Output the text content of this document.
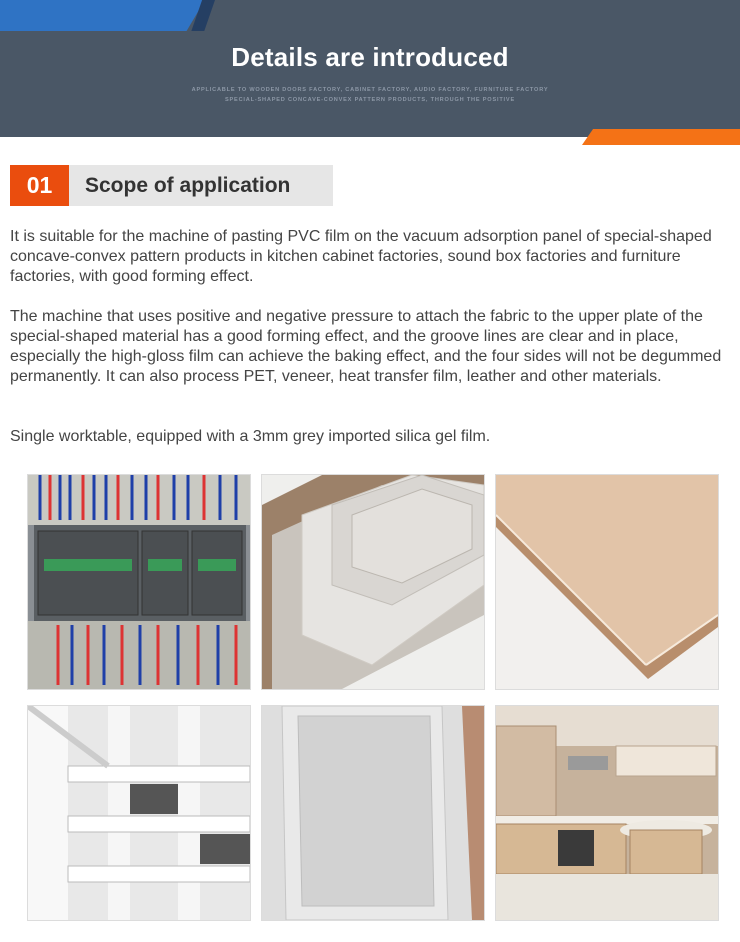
Details are introduced
APPLICABLE TO WOODEN DOORS FACTORY, CABINET FACTORY, AUDIO FACTORY, FURNITURE FACTORY
SPECIAL-SHAPED CONCAVE-CONVEX PATTERN PRODUCTS, THROUGH THE POSITIVE
01	Scope of application

It is suitable for the machine of pasting PVC film on the vacuum adsorption panel of special-shaped concave-convex pattern products in kitchen cabinet factories, sound box factories and furniture factories, with good forming effect.

The machine that uses positive and negative pressure to attach the fabric to the upper plate of the special-shaped material has a good forming effect, and the groove lines are clear and in place, especially the high-gloss film can achieve the baking effect, and the four sides will not be degummed permanently. It can also process PET, veneer, heat transfer film, leather and other materials.

Single worktable, equipped with a 3mm grey imported silica gel film.
